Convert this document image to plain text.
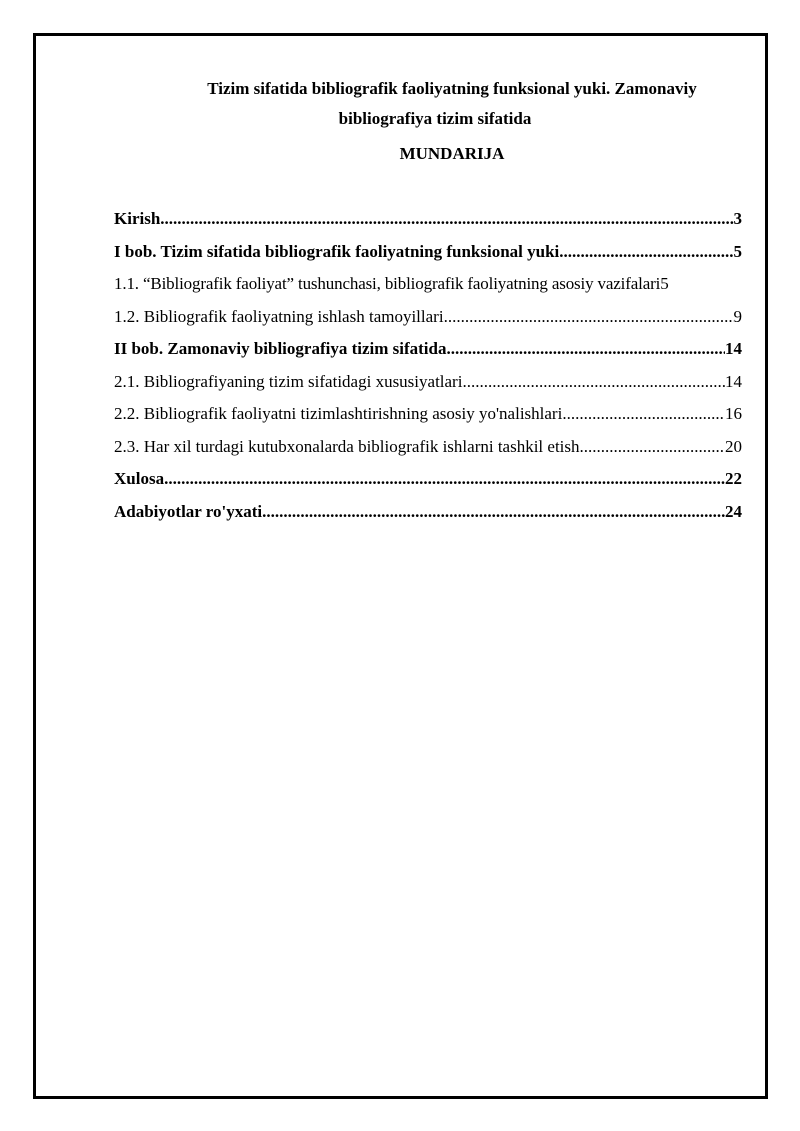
Tizim sifatida bibliografik faoliyatning funksional yuki. Zamonaviy

bibliografiya tizim sifatida

MUNDARIJA

Kirish .....	3
I bob. Tizim sifatida bibliografik faoliyatning funksional yuki .....	5
1.1. “Bibliografik faoliyat” tushunchasi, bibliografik faoliyatning asosiy vazifalari 5
1.2. Bibliografik faoliyatning ishlash tamoyillari .....	9
II bob. Zamonaviy bibliografiya tizim sifatida .....	14
2.1. Bibliografiyaning tizim sifatidagi xususiyatlari .....	14
2.2. Bibliografik faoliyatni tizimlashtirishning asosiy yo'nalishlari .....	16
2.3. Har xil turdagi kutubxonalarda bibliografik ishlarni tashkil etish .....	20
Xulosa .....	22
Adabiyotlar ro'yxati .....	24
